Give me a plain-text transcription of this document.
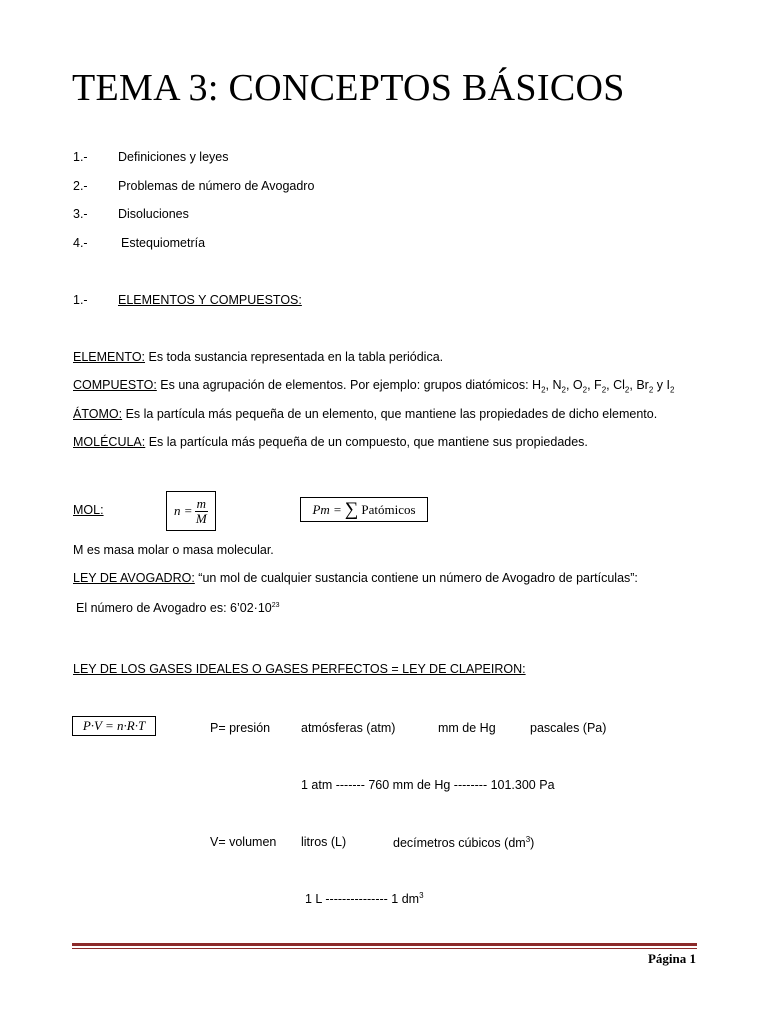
TEMA 3: CONCEPTOS BÁSICOS
1.- Definiciones y leyes
2.- Problemas de número de Avogadro
3.- Disoluciones
4.-	Estequiometría
1.- ELEMENTOS Y COMPUESTOS:
ELEMENTO: Es toda sustancia representada en la tabla periódica.
COMPUESTO: Es una agrupación de elementos. Por ejemplo: grupos diatómicos: $H_2$, $N_2$, $O_2$, $F_2$, $Cl_2$, $Br_2$ y $I_2$
ÁTOMO: Es la partícula más pequeña de un elemento, que mantiene las propiedades de dicho elemento.
MOLÉCULA: Es la partícula más pequeña de un compuesto, que mantiene sus propiedades.
MOL:	$n = \frac{m}{M}$	Pm = ∑ Patómicos
M es masa molar o masa molecular.
LEY DE AVOGADRO: “un mol de cualquier sustancia contiene un número de Avogadro de partículas”:
El número de Avogadro es: $6’02\cdot 10^{23}$
LEY DE LOS GASES IDEALES O GASES PERFECTOS = LEY DE CLAPEIRON:
P·V = n·R·T	P= presión atmósferas (atm)	mm de Hg	pascales (Pa)
1 atm ------- 760 mm de Hg -------- 101.300 Pa
V= volumen litros (L)	decímetros cúbicos $(dm^3)$
1 L --------------- 1 $dm^3$
Página 1
